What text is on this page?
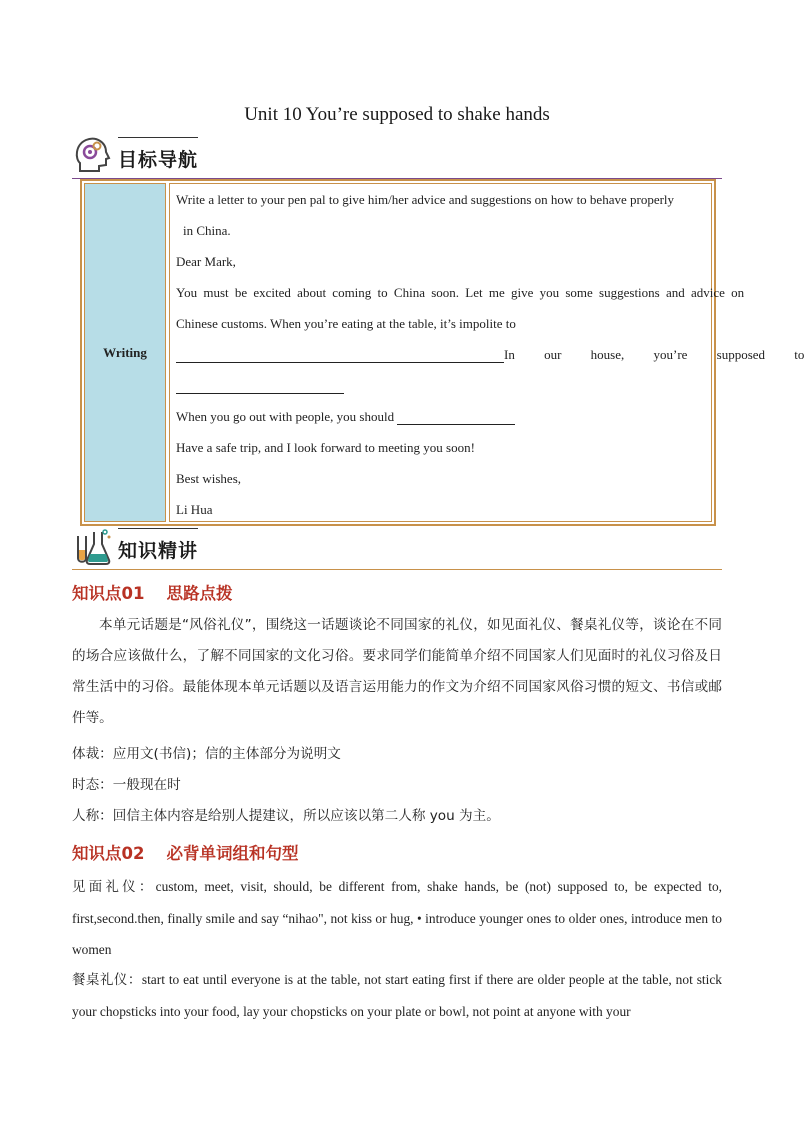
Unit 10 You’re supposed to shake hands
目标导航
Writing
Write a letter to your pen pal to give him/her advice and suggestions on how to behave properly
in China.
Dear Mark,
You must be excited about coming to China soon. Let me give you some suggestions and advice on
Chinese customs. When you’re eating at the table, it’s impolite to
In our house, you’re supposed to
When you go out with people, you should
Have a safe trip, and I look forward to meeting you soon!
Best wishes,
Li Hua
知识精讲
知识点01 思路点拨
本单元话题是“风俗礼仪”，围绕这一话题谈论不同国家的礼仪，如见面礼仪、餐桌礼仪等，谈论在不同的场合应该做什么，了解不同国家的文化习俗。要求同学们能简单介绍不同国家人们见面时的礼仪习俗及日常生活中的习俗。最能体现本单元话题以及语言运用能力的作文为介绍不同国家风俗习惯的短文、书信或邮件等。
体裁：应用文(书信)；信的主体部分为说明文
时态：一般现在时
人称：回信主体内容是给别人提建议，所以应该以第二人称 you 为主。
知识点02 必背单词组和句型
见面礼仪：custom, meet, visit, should, be different from, shake hands, be (not) supposed to, be expected to, first,second.then, finally smile and say “nihao", not kiss or hug, • introduce younger ones to older ones, introduce men to women
餐桌礼仪：start to eat until everyone is at the table, not start eating first if there are older people at the table, not stick your chopsticks into your food, lay your chopsticks on your plate or bowl, not point at anyone with your
